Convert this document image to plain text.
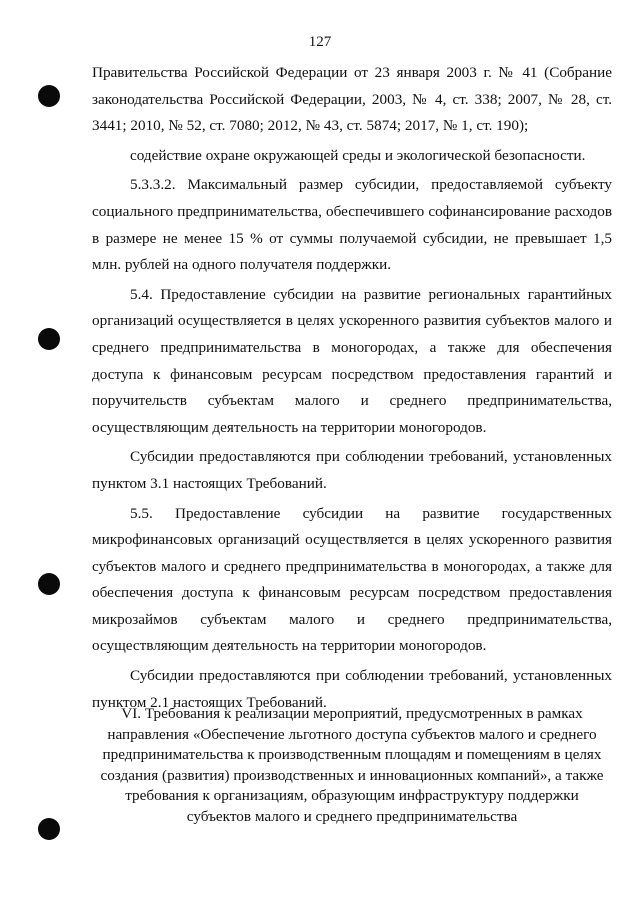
127

Правительства Российской Федерации от 23 января 2003 г. № 41 (Собрание законодательства Российской Федерации, 2003, № 4, ст. 338; 2007, № 28, ст. 3441; 2010, № 52, ст. 7080; 2012, № 43, ст. 5874; 2017, № 1, ст. 190);

содействие охране окружающей среды и экологической безопасности.

5.3.3.2. Максимальный размер субсидии, предоставляемой субъекту социального предпринимательства, обеспечившего софинансирование расходов в размере не менее 15 % от суммы получаемой субсидии, не превышает 1,5 млн. рублей на одного получателя поддержки.

5.4. Предоставление субсидии на развитие региональных гарантийных организаций осуществляется в целях ускоренного развития субъектов малого и среднего предпринимательства в моногородах, а также для обеспечения доступа к финансовым ресурсам посредством предоставления гарантий и поручительств субъектам малого и среднего предпринимательства, осуществляющим деятельность на территории моногородов.

Субсидии предоставляются при соблюдении требований, установленных пунктом 3.1 настоящих Требований.

5.5. Предоставление субсидии на развитие государственных микрофинансовых организаций осуществляется в целях ускоренного развития субъектов малого и среднего предпринимательства в моногородах, а также для обеспечения доступа к финансовым ресурсам посредством предоставления микрозаймов субъектам малого и среднего предпринимательства, осуществляющим деятельность на территории моногородов.

Субсидии предоставляются при соблюдении требований, установленных пунктом 2.1 настоящих Требований.

VI. Требования к реализации мероприятий, предусмотренных в рамках направления «Обеспечение льготного доступа субъектов малого и среднего предпринимательства к производственным площадям и помещениям в целях создания (развития) производственных и инновационных компаний», а также требования к организациям, образующим инфраструктуру поддержки субъектов малого и среднего предпринимательства
